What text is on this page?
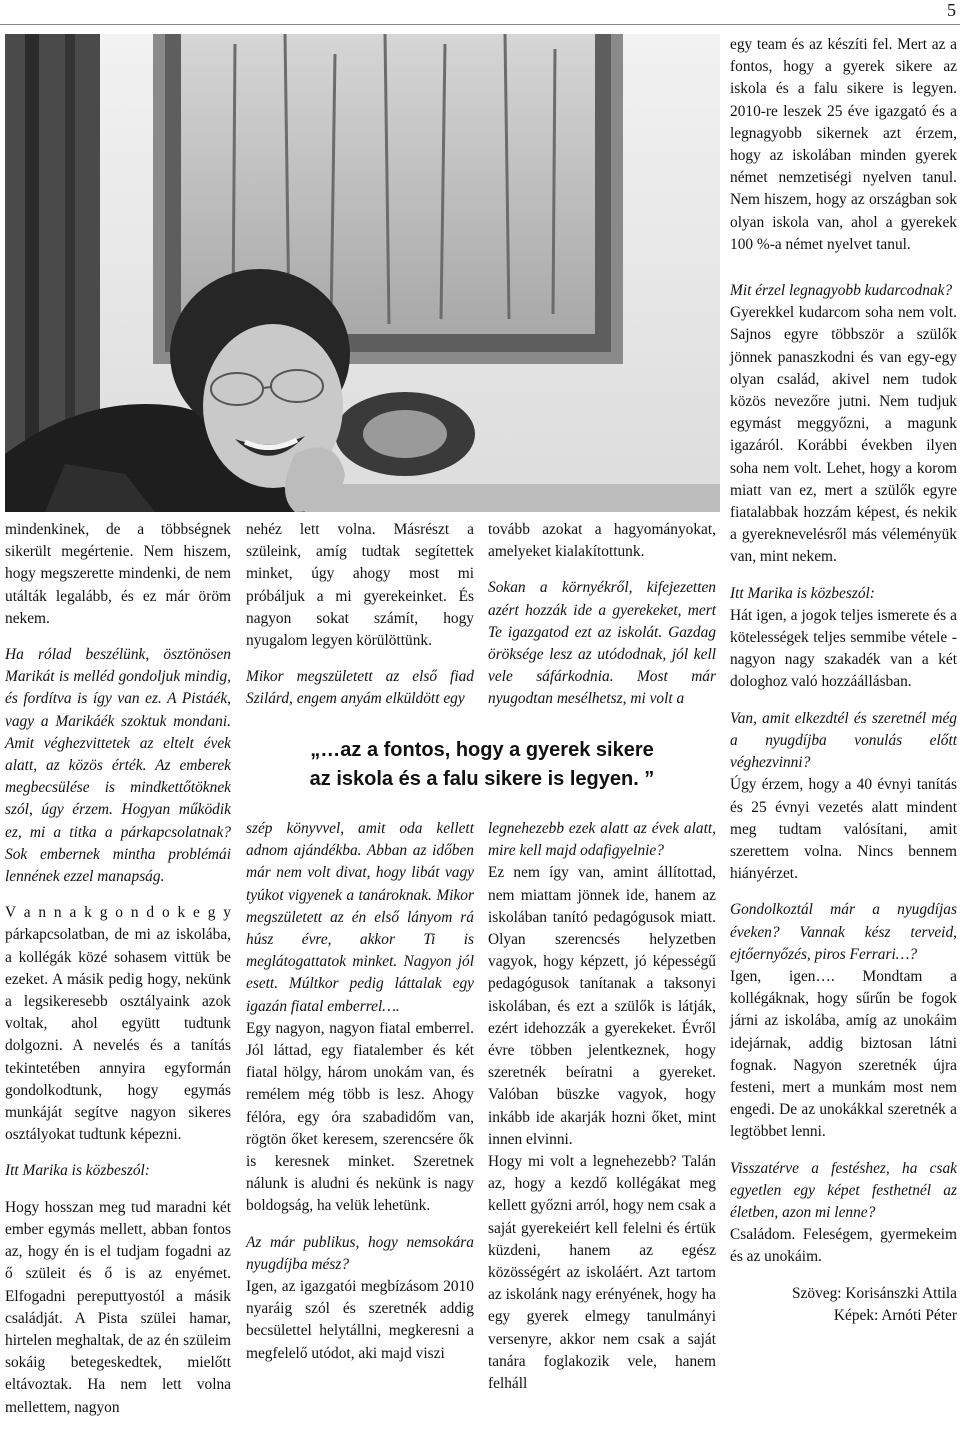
5

mindenkinek, de a többségnek sikerült megértenie. Nem hiszem, hogy megszerette mindenki, de nem utálták legalább, és ez már öröm nekem.

Ha rólad beszélünk, ösztönösen Marikát is melléd gondoljuk mindig, és fordítva is így van ez. A Pistáék, vagy a Marikáék szoktuk mondani. Amit véghezvittetek az eltelt évek alatt, az közös érték. Az emberek megbecsülése is mindkettőtöknek szól, úgy érzem. Hogyan működik ez, mi a titka a párkapcsolatnak? Sok embernek mintha problémái lennének ezzel manapság.

V a n n a k g o n d o k e g y párkapcsolatban, de mi az iskolába, a kollégák közé sohasem vittük be ezeket. A másik pedig hogy, nekünk a legsikeresebb osztályaink azok voltak, ahol együtt tudtunk dolgozni. A nevelés és a tanítás tekintetében annyira egyformán gondolkodtunk, hogy egymás munkáját segítve nagyon sikeres osztályokat tudtunk képezni.

Itt Marika is közbeszól:

Hogy hosszan meg tud maradni két ember egymás mellett, abban fontos az, hogy én is el tudjam fogadni az ő szüleit és ő is az enyémet. Elfogadni pereputtyostól a másik családját. A Pista szülei hamar, hirtelen meghaltak, de az én szüleim sokáig betegeskedtek, mielőtt eltávoztak. Ha nem lett volna mellettem, nagyon

nehéz lett volna. Másrészt a szüleink, amíg tudtak segítettek minket, úgy ahogy most mi próbáljuk a mi gyerekeinket. És nagyon sokat számít, hogy nyugalom legyen körülöttünk.

Mikor megszületett az első fiad Szilárd, engem anyám elküldött egy

tovább azokat a hagyományokat, amelyeket kialakítottunk.

Sokan a környékről, kifejezetten azért hozzák ide a gyerekeket, mert Te igazgatod ezt az iskolát. Gazdag öröksége lesz az utódodnak, jól kell vele sáfárkodnia. Most már nyugodtan mesélhetsz, mi volt a

„…az a fontos, hogy a gyerek sikere
az iskola és a falu sikere is legyen. ”

szép könyvvel, amit oda kellett adnom ajándékba. Abban az időben már nem volt divat, hogy libát vagy tyúkot vigyenek a tanároknak. Mikor megszületett az én első lányom rá húsz évre, akkor Ti is meglátogattatok minket. Nagyon jól esett. Múltkor pedig láttalak egy igazán fiatal emberrel….

Egy nagyon, nagyon fiatal emberrel. Jól láttad, egy fiatalember és két fiatal hölgy, három unokám van, és remélem még több is lesz. Ahogy félóra, egy óra szabadidőm van, rögtön őket keresem, szerencsére ők is keresnek minket. Szeretnek nálunk is aludni és nekünk is nagy boldogság, ha velük lehetünk.

Az már publikus, hogy nemsokára nyugdíjba mész?

Igen, az igazgatói megbízásom 2010 nyaráig szól és szeretnék addig becsülettel helytállni, megkeresni a megfelelő utódot, aki majd viszi

legnehezebb ezek alatt az évek alatt, mire kell majd odafigyelnie?

Ez nem így van, amint állítottad, nem miattam jönnek ide, hanem az iskolában tanító pedagógusok miatt. Olyan szerencsés helyzetben vagyok, hogy képzett, jó képességű pedagógusok tanítanak a taksonyi iskolában, és ezt a szülők is látják, ezért idehozzák a gyerekeket. Évről évre többen jelentkeznek, hogy szeretnék beíratni a gyereket. Valóban büszke vagyok, hogy inkább ide akarják hozni őket, mint innen elvinni.

Hogy mi volt a legnehezebb? Talán az, hogy a kezdő kollégákat meg kellett győzni arról, hogy nem csak a saját gyerekeiért kell felelni és értük küzdeni, hanem az egész közösségért az iskoláért. Azt tartom az iskolánk nagy erényének, hogy ha egy gyerek elmegy tanulmányi versenyre, akkor nem csak a saját tanára foglakozik vele, hanem felháll

egy team és az készíti fel. Mert az a fontos, hogy a gyerek sikere az iskola és a falu sikere is legyen. 2010-re leszek 25 éve igazgató és a legnagyobb sikernek azt érzem, hogy az iskolában minden gyerek német nemzetiségi nyelven tanul. Nem hiszem, hogy az országban sok olyan iskola van, ahol a gyerekek 100 %-a német nyelvet tanul.

Mit érzel legnagyobb kudarcodnak?

Gyerekkel kudarcom soha nem volt. Sajnos egyre többször a szülők jönnek panaszkodni és van egy-egy olyan család, akivel nem tudok közös nevezőre jutni. Nem tudjuk egymást meggyőzni, a magunk igazáról. Korábbi években ilyen soha nem volt. Lehet, hogy a korom miatt van ez, mert a szülők egyre fiatalabbak hozzám képest, és nekik a gyereknevelésről más véleményük van, mint nekem.

Itt Marika is közbeszól:

Hát igen, a jogok teljes ismerete és a kötelességek teljes semmibe vétele - nagyon nagy szakadék van a két dologhoz való hozzáállásban.

Van, amit elkezdtél és szeretnél még a nyugdíjba vonulás előtt véghezvinni?

Úgy érzem, hogy a 40 évnyi tanítás és 25 évnyi vezetés alatt mindent meg tudtam valósítani, amit szerettem volna. Nincs bennem hiányérzet.

Gondolkoztál már a nyugdíjas éveken? Vannak kész terveid, ejtőernyőzés, piros Ferrari…?

Igen, igen…. Mondtam a kollégáknak, hogy sűrűn be fogok járni az iskolába, amíg az unokáim idejárnak, addig biztosan látni fognak. Nagyon szeretnék újra festeni, mert a munkám most nem engedi. De az unokákkal szeretnék a legtöbbet lenni.

Visszatérve a festéshez, ha csak egyetlen egy képet festhetnél az életben, azon mi lenne?

Családom. Feleségem, gyermekeim és az unokáim.

Szöveg: Korisánszki Attila
Képek: Arnóti Péter
